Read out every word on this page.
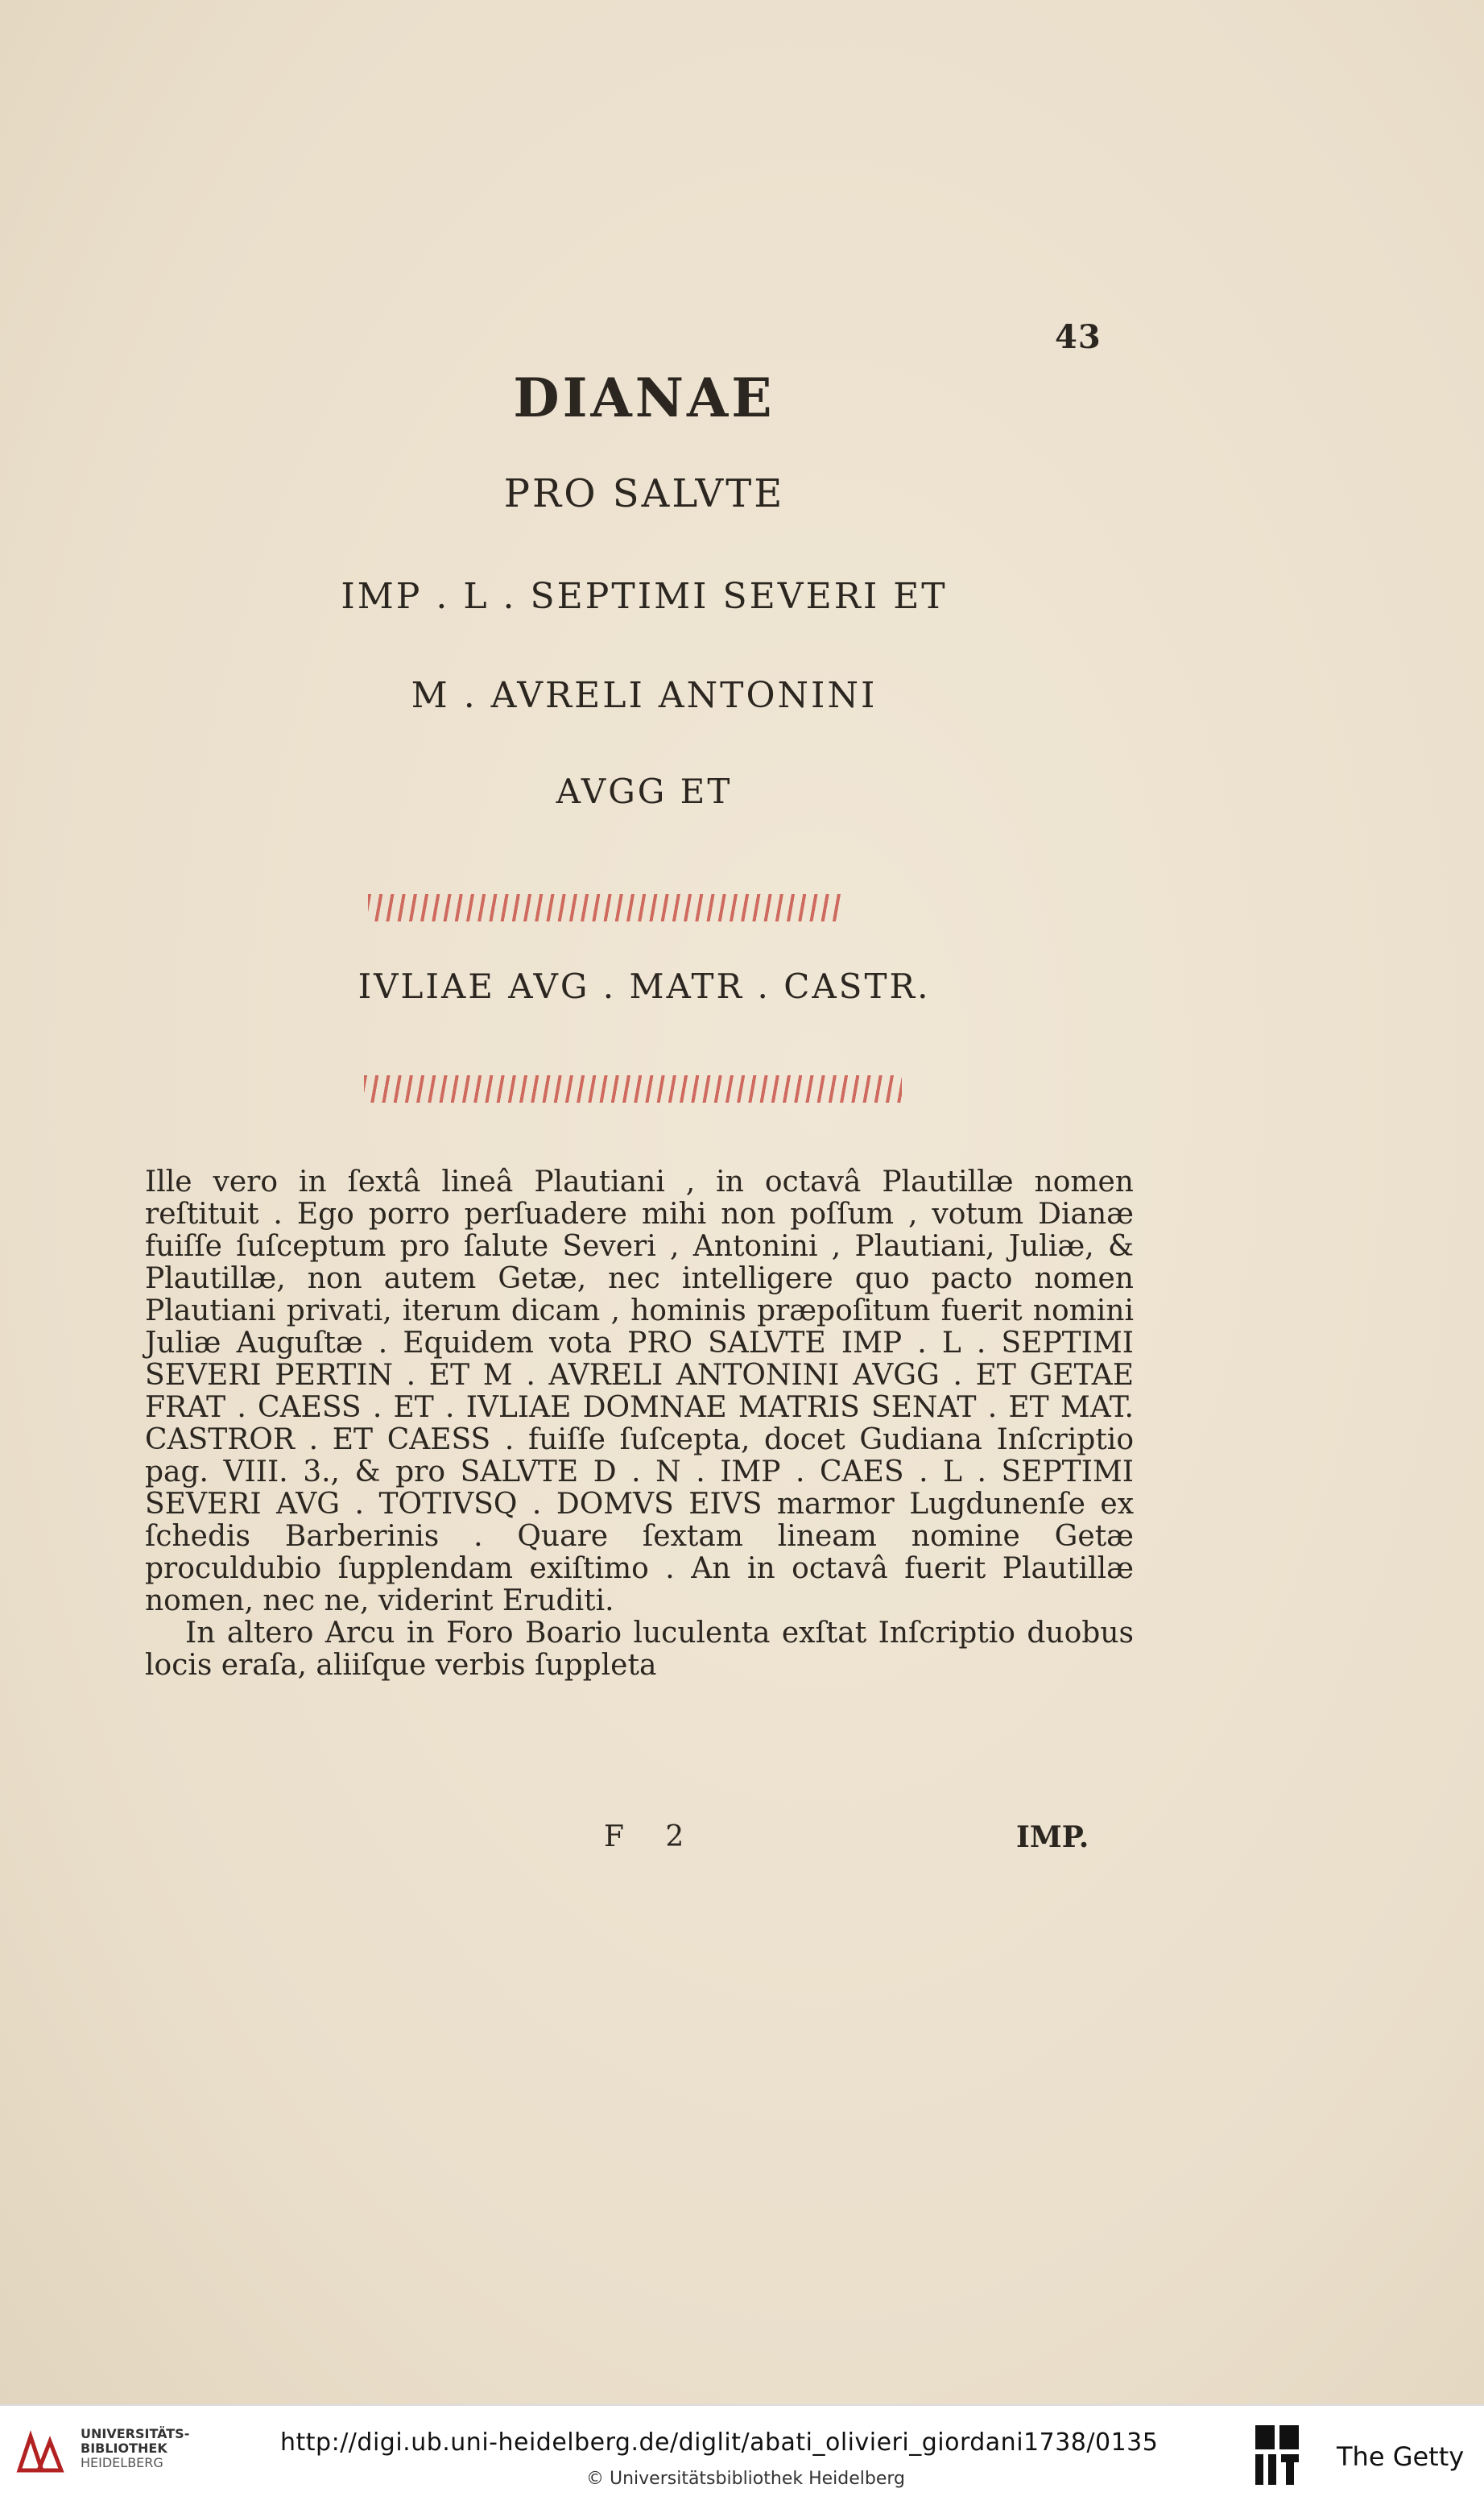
43
DIANAE
PRO SALVTE
IMP . L . SEPTIMI SEVERI ET
M . AVRELI ANTONINI
AVGG ET
IVLIAE AVG . MATR . CASTR.

Ille vero in ſextâ lineâ Plautiani , in octavâ Plautillæ nomen reſtituit . Ego porro perſuadere mihi non poſſum , votum Dianæ fuiſſe ſuſceptum pro ſalute Severi , Antonini , Plautiani, Juliæ, & Plautillæ, non autem Getæ, nec intelligere quo pacto nomen Plautiani privati, iterum dicam , hominis præpoſitum fuerit nomini Juliæ Auguſtæ . Equidem vota PRO SALVTE IMP . L . SEPTIMI SEVERI PERTIN . ET M . AVRELI ANTONINI AVGG . ET GETAE FRAT . CAESS . ET . IVLIAE DOMNAE MATRIS SENAT . ET MAT. CASTROR . ET CAESS . fuiſſe ſuſcepta, docet Gudiana Inſcriptio pag. VIII. 3., & pro SALVTE D . N . IMP . CAES . L . SEPTIMI SEVERI AVG . TOTIVSQ . DOMVS EIVS marmor Lugdunenſe ex ſchedis Barberinis . Quare ſextam lineam nomine Getæ proculdubio ſupplendam exiſtimo . An in octavâ fuerit Plautillæ nomen, nec ne, viderint Eruditi.

In altero Arcu in Foro Boario luculenta exſtat Inſcriptio duobus locis eraſa, aliiſque verbis ſuppleta

F 2	IMP.
UNIVERSITÄTS-
BIBLIOTHEK
HEIDELBERG
http://digi.ub.uni-heidelberg.de/diglit/abati_olivieri_giordani1738/0135
© Universitätsbibliothek Heidelberg
The Getty
